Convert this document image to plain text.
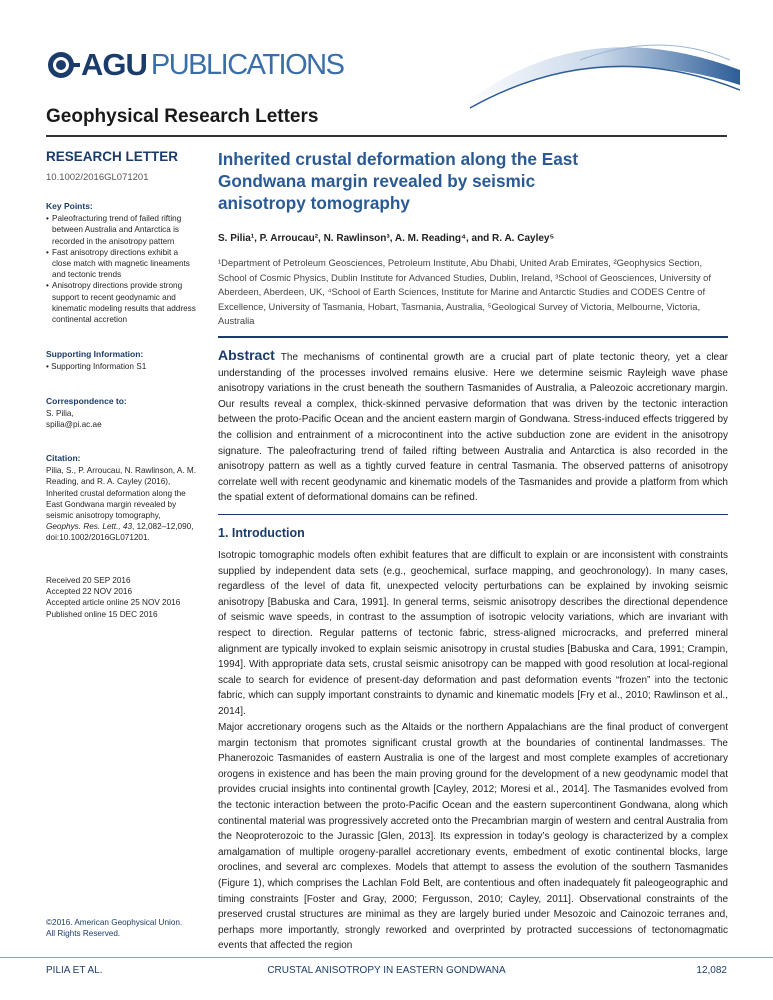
AGU PUBLICATIONS
Geophysical Research Letters
RESEARCH LETTER
10.1002/2016GL071201
Key Points:
• Paleofracturing trend of failed rifting between Australia and Antarctica is recorded in the anisotropy pattern
• Fast anisotropy directions exhibit a close match with magnetic lineaments and tectonic trends
• Anisotropy directions provide strong support to recent geodynamic and kinematic modeling results that address continental accretion
Supporting Information:
• Supporting Information S1
Correspondence to:
S. Pilia,
spilia@pi.ac.ae
Citation:
Pilia, S., P. Arroucau, N. Rawlinson, A. M. Reading, and R. A. Cayley (2016), Inherited crustal deformation along the East Gondwana margin revealed by seismic anisotropy tomography, Geophys. Res. Lett., 43, 12,082–12,090, doi:10.1002/2016GL071201.
Received 20 SEP 2016
Accepted 22 NOV 2016
Accepted article online 25 NOV 2016
Published online 15 DEC 2016
©2016. American Geophysical Union.
All Rights Reserved.
Inherited crustal deformation along the East Gondwana margin revealed by seismic anisotropy tomography
S. Pilia¹, P. Arroucau², N. Rawlinson³, A. M. Reading⁴, and R. A. Cayley⁵
¹Department of Petroleum Geosciences, Petroleum Institute, Abu Dhabi, United Arab Emirates, ²Geophysics Section, School of Cosmic Physics, Dublin Institute for Advanced Studies, Dublin, Ireland, ³School of Geosciences, University of Aberdeen, Aberdeen, UK, ⁴School of Earth Sciences, Institute for Marine and Antarctic Studies and CODES Centre of Excellence, University of Tasmania, Hobart, Tasmania, Australia, ⁵Geological Survey of Victoria, Melbourne, Victoria, Australia
Abstract The mechanisms of continental growth are a crucial part of plate tectonic theory, yet a clear understanding of the processes involved remains elusive. Here we determine seismic Rayleigh wave phase anisotropy variations in the crust beneath the southern Tasmanides of Australia, a Paleozoic accretionary margin. Our results reveal a complex, thick-skinned pervasive deformation that was driven by the tectonic interaction between the proto-Pacific Ocean and the ancient eastern margin of Gondwana. Stress-induced effects triggered by the collision and entrainment of a microcontinent into the active subduction zone are evident in the anisotropy signature. The paleofracturing trend of failed rifting between Australia and Antarctica is also recorded in the anisotropy pattern as well as a tightly curved feature in central Tasmania. The observed patterns of anisotropy correlate well with recent geodynamic and kinematic models of the Tasmanides and provide a platform from which the spatial extent of deformational domains can be refined.
1. Introduction
Isotropic tomographic models often exhibit features that are difficult to explain or are inconsistent with constraints supplied by independent data sets (e.g., geochemical, surface mapping, and geochronology). In many cases, regardless of the level of data fit, unexpected velocity perturbations can be explained by invoking seismic anisotropy [Babuska and Cara, 1991]. In general terms, seismic anisotropy describes the directional dependence of seismic wave speeds, in contrast to the assumption of isotropic velocity variations, which are invariant with respect to direction. Regular patterns of tectonic fabric, stress-aligned microcracks, and preferred mineral alignment are typically invoked to explain seismic anisotropy in crustal studies [Babuska and Cara, 1991; Crampin, 1994]. With appropriate data sets, crustal seismic anisotropy can be mapped with good resolution at local-regional scale to search for evidence of present-day deformation and past deformation events “frozen” into the tectonic fabric, which can supply important constraints to dynamic and kinematic models [Fry et al., 2010; Rawlinson et al., 2014].
Major accretionary orogens such as the Altaids or the northern Appalachians are the final product of convergent margin tectonism that promotes significant crustal growth at the boundaries of continental landmasses. The Phanerozoic Tasmanides of eastern Australia is one of the largest and most complete examples of accretionary orogens in existence and has been the main proving ground for the development of a new geodynamic model that provides crucial insights into continental growth [Cayley, 2012; Moresi et al., 2014]. The Tasmanides evolved from the tectonic interaction between the proto-Pacific Ocean and the eastern supercontinent Gondwana, along which continental material was progressively accreted onto the Precambrian margin of western and central Australia from the Neoproterozoic to the Jurassic [Glen, 2013]. Its expression in today’s geology is characterized by a complex amalgamation of multiple orogeny-parallel accretionary events, embedment of exotic continental blocks, large oroclines, and several arc complexes. Models that attempt to assess the evolution of the southern Tasmanides (Figure 1), which comprises the Lachlan Fold Belt, are contentious and often inadequately fit paleogeographic and timing constraints [Foster and Gray, 2000; Fergusson, 2010; Cayley, 2011]. Observational constraints of the preserved crustal structures are minimal as they are largely buried under Mesozoic and Cainozoic terranes and, perhaps more importantly, strongly reworked and overprinted by protracted successions of tectonomagmatic events that affected the region
PILIA ET AL.	CRUSTAL ANISOTROPY IN EASTERN GONDWANA	12,082
